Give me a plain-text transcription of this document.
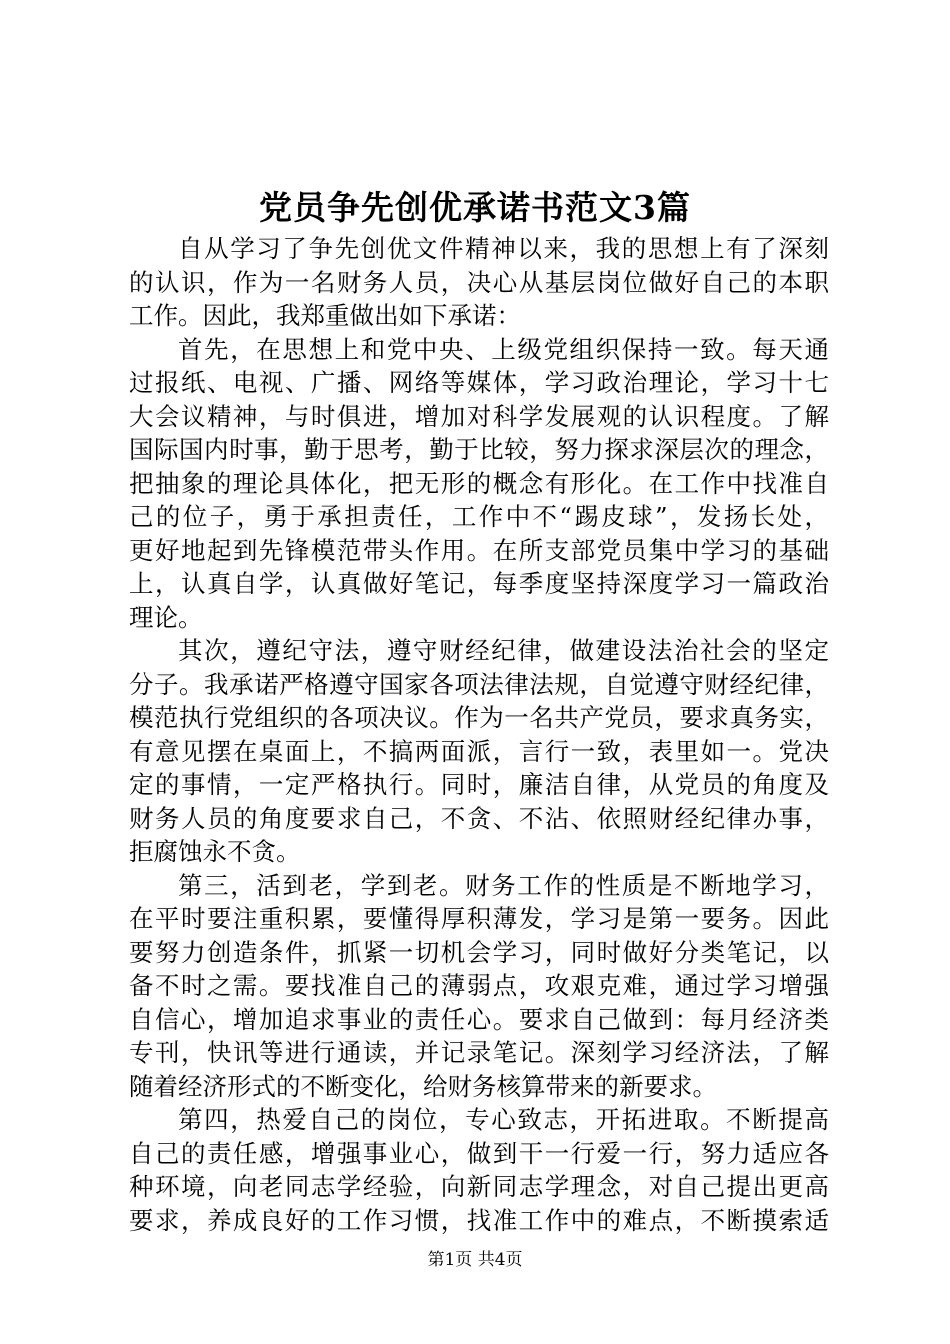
党员争先创优承诺书范文3篇
自从学习了争先创优文件精神以来，我的思想上有了深刻
的认识，作为一名财务人员，决心从基层岗位做好自己的本职
工作。因此，我郑重做出如下承诺：
首先，在思想上和党中央、上级党组织保持一致。每天通
过报纸、电视、广播、网络等媒体，学习政治理论，学习十七
大会议精神，与时俱进，增加对科学发展观的认识程度。了解
国际国内时事，勤于思考，勤于比较，努力探求深层次的理念，
把抽象的理论具体化，把无形的概念有形化。在工作中找准自
己的位子，勇于承担责任，工作中不“踢皮球”，发扬长处，
更好地起到先锋模范带头作用。在所支部党员集中学习的基础
上，认真自学，认真做好笔记，每季度坚持深度学习一篇政治
理论。
其次，遵纪守法，遵守财经纪律，做建设法治社会的坚定
分子。我承诺严格遵守国家各项法律法规，自觉遵守财经纪律，
模范执行党组织的各项决议。作为一名共产党员，要求真务实，
有意见摆在桌面上，不搞两面派，言行一致，表里如一。党决
定的事情，一定严格执行。同时，廉洁自律，从党员的角度及
财务人员的角度要求自己，不贪、不沾、依照财经纪律办事，
拒腐蚀永不贪。
第三，活到老，学到老。财务工作的性质是不断地学习，
在平时要注重积累，要懂得厚积薄发，学习是第一要务。因此
要努力创造条件，抓紧一切机会学习，同时做好分类笔记，以
备不时之需。要找准自己的薄弱点，攻艰克难，通过学习增强
自信心，增加追求事业的责任心。要求自己做到：每月经济类
专刊，快讯等进行通读，并记录笔记。深刻学习经济法，了解
随着经济形式的不断变化，给财务核算带来的新要求。
第四，热爱自己的岗位，专心致志，开拓进取。不断提高
自己的责任感，增强事业心，做到干一行爱一行，努力适应各
种环境，向老同志学经验，向新同志学理念，对自己提出更高
要求，养成良好的工作习惯，找准工作中的难点，不断摸索适
第1页 共4页
